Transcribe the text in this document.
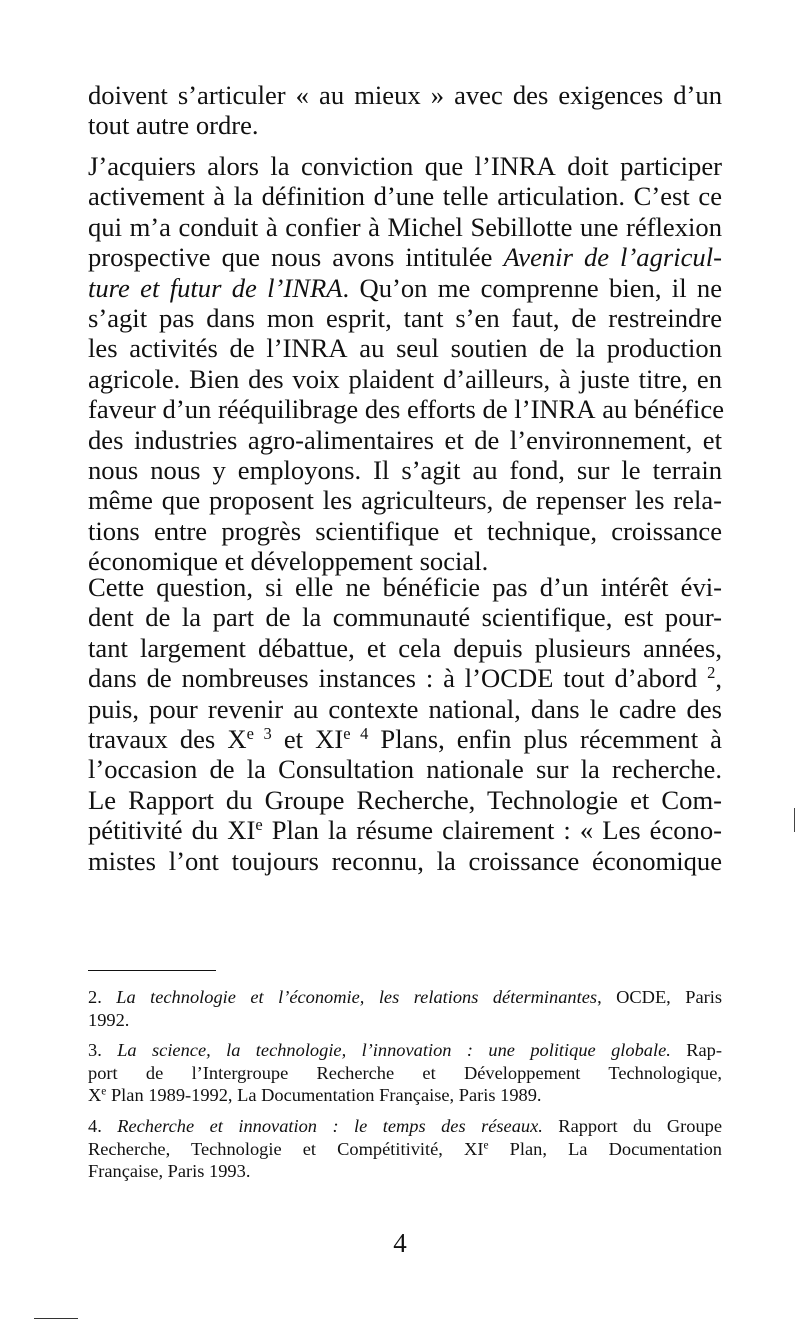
doivent s’articuler « au mieux » avec des exigences d’un
tout autre ordre.
J’acquiers alors la conviction que l’INRA doit participer
activement à la définition d’une telle articulation. C’est ce
qui m’a conduit à confier à Michel Sebillotte une réflexion
prospective que nous avons intitulée Avenir de l’agricul-
ture et futur de l’INRA. Qu’on me comprenne bien, il ne
s’agit pas dans mon esprit, tant s’en faut, de restreindre
les activités de l’INRA au seul soutien de la production
agricole. Bien des voix plaident d’ailleurs, à juste titre, en
faveur d’un rééquilibrage des efforts de l’INRA au bénéfice
des industries agro-alimentaires et de l’environnement, et
nous nous y employons. Il s’agit au fond, sur le terrain
même que proposent les agriculteurs, de repenser les rela-
tions entre progrès scientifique et technique, croissance
économique et développement social.
Cette question, si elle ne bénéficie pas d’un intérêt évi-
dent de la part de la communauté scientifique, est pour-
tant largement débattue, et cela depuis plusieurs années,
dans de nombreuses instances : à l’OCDE tout d’abord $^2$,
puis, pour revenir au contexte national, dans le cadre des
travaux des Xe $^3$ et XIe $^4$ Plans, enfin plus récemment à
l’occasion de la Consultation nationale sur la recherche.
Le Rapport du Groupe Recherche, Technologie et Com-
pétitivité du XIe Plan la résume clairement : « Les écono-
mistes l’ont toujours reconnu, la croissance économique
2. La technologie et l’économie, les relations déterminantes, OCDE, Paris
1992.
3. La science, la technologie, l’innovation : une politique globale. Rap-
port de l’Intergroupe Recherche et Développement Technologique,
Xe Plan 1989-1992, La Documentation Française, Paris 1989.
4. Recherche et innovation : le temps des réseaux. Rapport du Groupe
Recherche, Technologie et Compétitivité, XIe Plan, La Documentation
Française, Paris 1993.
4
